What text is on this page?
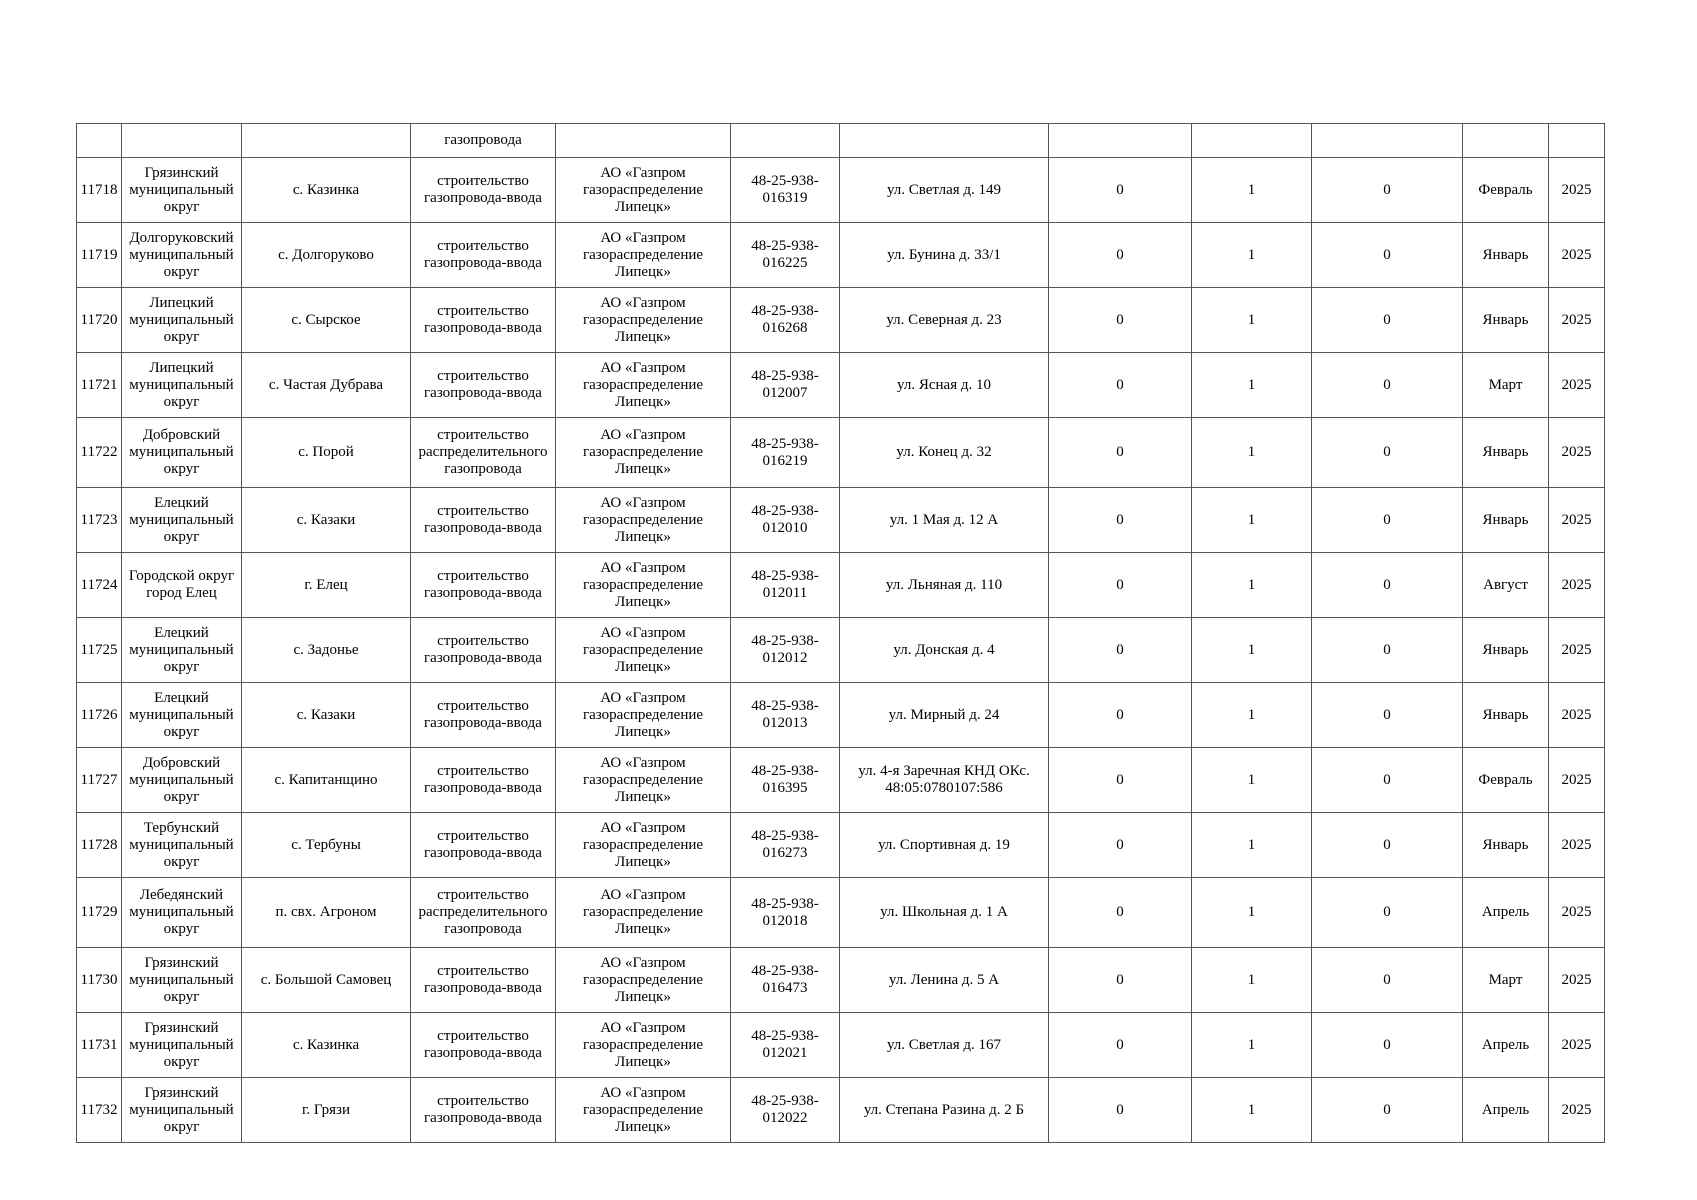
			газопровода								
11718	Грязинский муниципальный округ	с. Казинка	строительство газопровода-ввода	АО «Газпром газораспределение Липецк»	48-25-938-016319	ул. Светлая д. 149	0	1	0	Февраль	2025
11719	Долгоруковский муниципальный округ	с. Долгоруково	строительство газопровода-ввода	АО «Газпром газораспределение Липецк»	48-25-938-016225	ул. Бунина д. 33/1	0	1	0	Январь	2025
11720	Липецкий муниципальный округ	с. Сырское	строительство газопровода-ввода	АО «Газпром газораспределение Липецк»	48-25-938-016268	ул. Северная д. 23	0	1	0	Январь	2025
11721	Липецкий муниципальный округ	с. Частая Дубрава	строительство газопровода-ввода	АО «Газпром газораспределение Липецк»	48-25-938-012007	ул. Ясная д. 10	0	1	0	Март	2025
11722	Добровский муниципальный округ	с. Порой	строительство распределительного газопровода	АО «Газпром газораспределение Липецк»	48-25-938-016219	ул. Конец д. 32	0	1	0	Январь	2025
11723	Елецкий муниципальный округ	с. Казаки	строительство газопровода-ввода	АО «Газпром газораспределение Липецк»	48-25-938-012010	ул. 1 Мая д. 12 А	0	1	0	Январь	2025
11724	Городской округ город Елец	г. Елец	строительство газопровода-ввода	АО «Газпром газораспределение Липецк»	48-25-938-012011	ул. Льняная д. 110	0	1	0	Август	2025
11725	Елецкий муниципальный округ	с. Задонье	строительство газопровода-ввода	АО «Газпром газораспределение Липецк»	48-25-938-012012	ул. Донская д. 4	0	1	0	Январь	2025
11726	Елецкий муниципальный округ	с. Казаки	строительство газопровода-ввода	АО «Газпром газораспределение Липецк»	48-25-938-012013	ул. Мирный д. 24	0	1	0	Январь	2025
11727	Добровский муниципальный округ	с. Капитанщино	строительство газопровода-ввода	АО «Газпром газораспределение Липецк»	48-25-938-016395	ул. 4-я Заречная КНД ОКс. 48:05:0780107:586	0	1	0	Февраль	2025
11728	Тербунский муниципальный округ	с. Тербуны	строительство газопровода-ввода	АО «Газпром газораспределение Липецк»	48-25-938-016273	ул. Спортивная д. 19	0	1	0	Январь	2025
11729	Лебедянский муниципальный округ	п. свх. Агроном	строительство распределительного газопровода	АО «Газпром газораспределение Липецк»	48-25-938-012018	ул. Школьная д. 1 А	0	1	0	Апрель	2025
11730	Грязинский муниципальный округ	с. Большой Самовец	строительство газопровода-ввода	АО «Газпром газораспределение Липецк»	48-25-938-016473	ул. Ленина д. 5 А	0	1	0	Март	2025
11731	Грязинский муниципальный округ	с. Казинка	строительство газопровода-ввода	АО «Газпром газораспределение Липецк»	48-25-938-012021	ул. Светлая д. 167	0	1	0	Апрель	2025
11732	Грязинский муниципальный округ	г. Грязи	строительство газопровода-ввода	АО «Газпром газораспределение Липецк»	48-25-938-012022	ул. Степана Разина д. 2 Б	0	1	0	Апрель	2025
